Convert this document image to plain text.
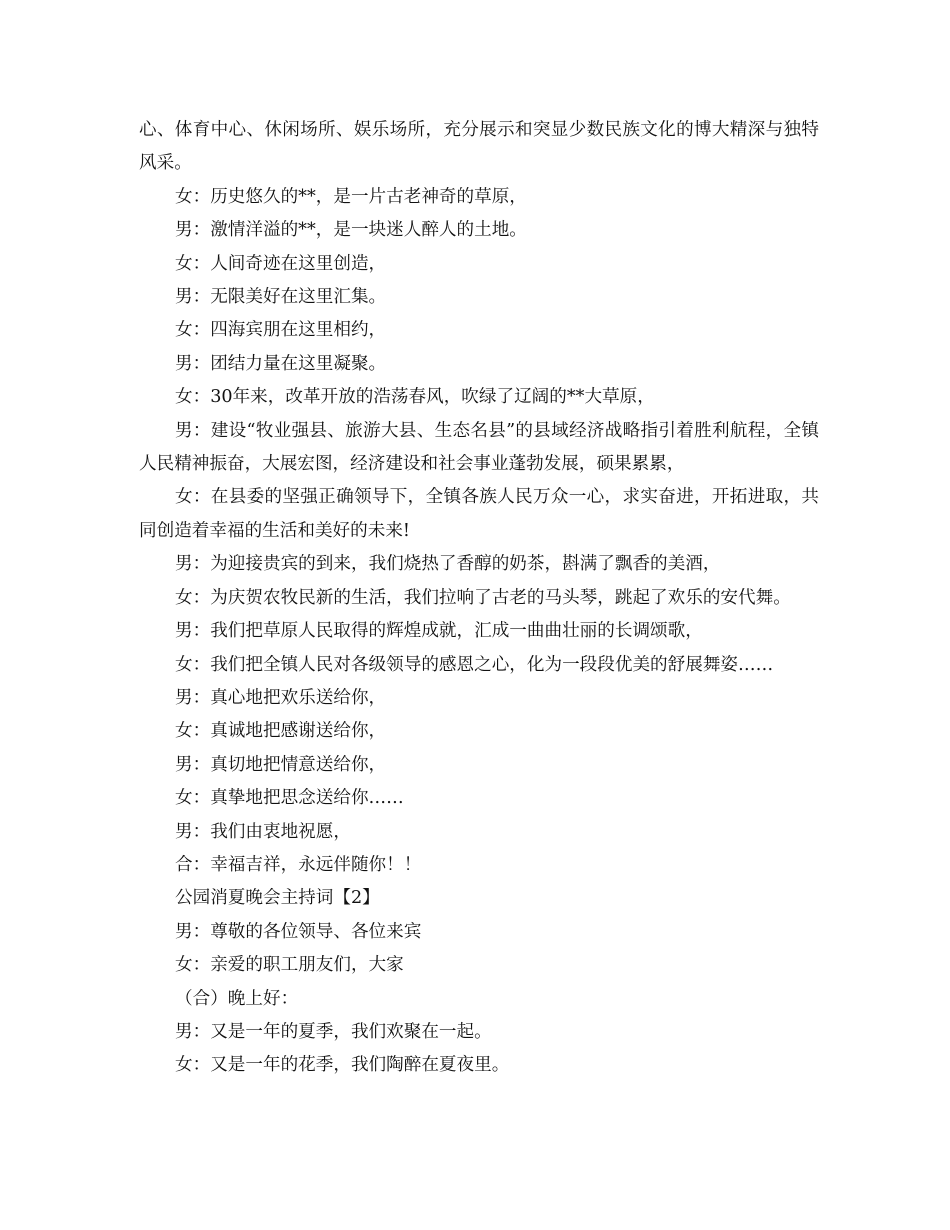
心、体育中心、休闲场所、娱乐场所，充分展示和突显少数民族文化的博大精深与独特风采。

女：历史悠久的**，是一片古老神奇的草原，

男：激情洋溢的**，是一块迷人醉人的土地。

女：人间奇迹在这里创造，

男：无限美好在这里汇集。

女：四海宾朋在这里相约，

男：团结力量在这里凝聚。

女：30年来，改革开放的浩荡春风，吹绿了辽阔的**大草原，

男：建设“牧业强县、旅游大县、生态名县”的县域经济战略指引着胜利航程，全镇人民精神振奋，大展宏图，经济建设和社会事业蓬勃发展，硕果累累，

女：在县委的坚强正确领导下，全镇各族人民万众一心，求实奋进，开拓进取，共同创造着幸福的生活和美好的未来!

男：为迎接贵宾的到来，我们烧热了香醇的奶茶，斟满了飘香的美酒，

女：为庆贺农牧民新的生活，我们拉响了古老的马头琴，跳起了欢乐的安代舞。

男：我们把草原人民取得的辉煌成就，汇成一曲曲壮丽的长调颂歌，

女：我们把全镇人民对各级领导的感恩之心，化为一段段优美的舒展舞姿……

男：真心地把欢乐送给你，

女：真诚地把感谢送给你，

男：真切地把情意送给你，

女：真挚地把思念送给你……

男：我们由衷地祝愿，

合：幸福吉祥，永远伴随你！！

公园消夏晚会主持词【2】

男：尊敬的各位领导、各位来宾

女：亲爱的职工朋友们，大家

（合）晚上好：

男：又是一年的夏季，我们欢聚在一起。

女：又是一年的花季，我们陶醉在夏夜里。
